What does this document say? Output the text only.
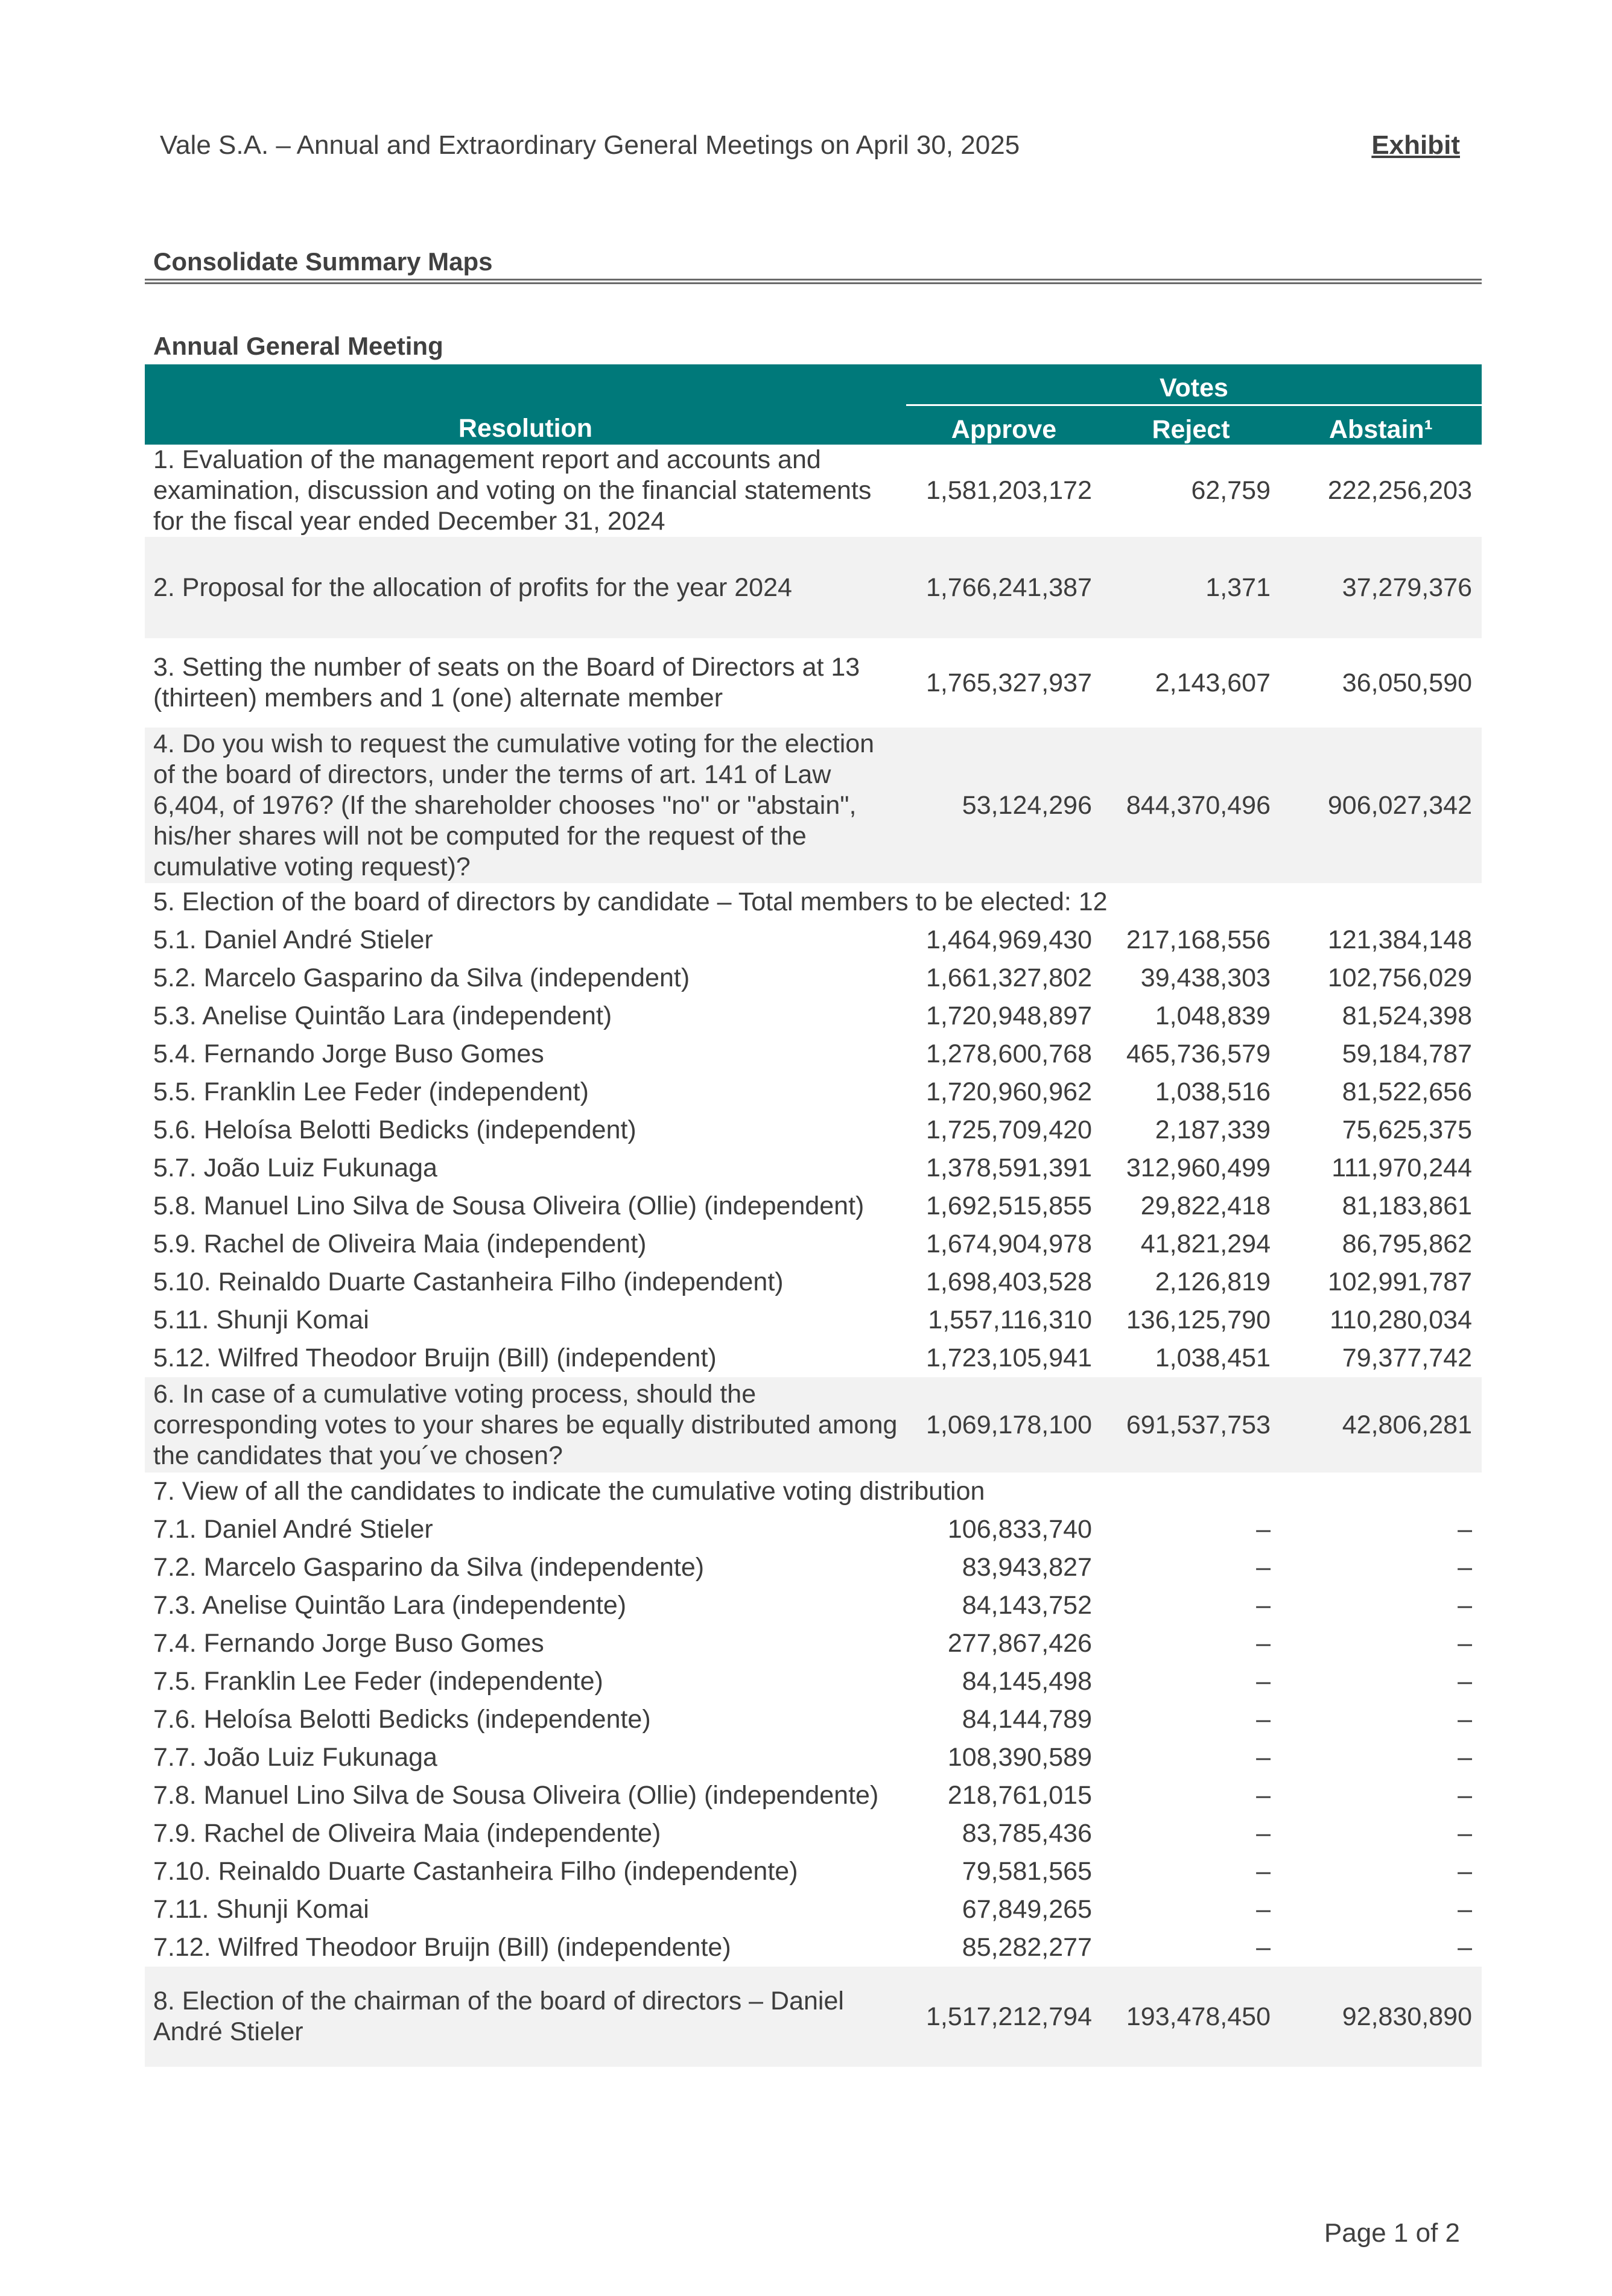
Vale S.A. – Annual and Extraordinary General Meetings on April 30, 2025	Exhibit
Consolidate Summary Maps
Annual General Meeting
Resolution	Votes		
	Approve	Reject	Abstain¹
1. Evaluation of the management report and accounts and examination, discussion and voting on the financial statements for the fiscal year ended December 31, 2024	1,581,203,172	62,759	222,256,203
2. Proposal for the allocation of profits for the year 2024	1,766,241,387	1,371	37,279,376
3. Setting the number of seats on the Board of Directors at 13 (thirteen) members and 1 (one) alternate member	1,765,327,937	2,143,607	36,050,590
4. Do you wish to request the cumulative voting for the election of the board of directors, under the terms of art. 141 of Law 6,404, of 1976? (If the shareholder chooses "no" or "abstain", his/her shares will not be computed for the request of the cumulative voting request)?	53,124,296	844,370,496	906,027,342
5. Election of the board of directors by candidate – Total members to be elected: 12			
5.1. Daniel André Stieler	1,464,969,430	217,168,556	121,384,148
5.2. Marcelo Gasparino da Silva (independent)	1,661,327,802	39,438,303	102,756,029
5.3. Anelise Quintão Lara (independent)	1,720,948,897	1,048,839	81,524,398
5.4. Fernando Jorge Buso Gomes	1,278,600,768	465,736,579	59,184,787
5.5. Franklin Lee Feder (independent)	1,720,960,962	1,038,516	81,522,656
5.6. Heloísa Belotti Bedicks (independent)	1,725,709,420	2,187,339	75,625,375
5.7. João Luiz Fukunaga	1,378,591,391	312,960,499	111,970,244
5.8. Manuel Lino Silva de Sousa Oliveira (Ollie) (independent)	1,692,515,855	29,822,418	81,183,861
5.9. Rachel de Oliveira Maia (independent)	1,674,904,978	41,821,294	86,795,862
5.10. Reinaldo Duarte Castanheira Filho (independent)	1,698,403,528	2,126,819	102,991,787
5.11. Shunji Komai	1,557,116,310	136,125,790	110,280,034
5.12. Wilfred Theodoor Bruijn (Bill) (independent)	1,723,105,941	1,038,451	79,377,742
6. In case of a cumulative voting process, should the corresponding votes to your shares be equally distributed among the candidates that you´ve chosen?	1,069,178,100	691,537,753	42,806,281
7. View of all the candidates to indicate the cumulative voting distribution			
7.1. Daniel André Stieler	106,833,740	–	–
7.2. Marcelo Gasparino da Silva (independente)	83,943,827	–	–
7.3. Anelise Quintão Lara (independente)	84,143,752	–	–
7.4. Fernando Jorge Buso Gomes	277,867,426	–	–
7.5. Franklin Lee Feder (independente)	84,145,498	–	–
7.6. Heloísa Belotti Bedicks (independente)	84,144,789	–	–
7.7. João Luiz Fukunaga	108,390,589	–	–
7.8. Manuel Lino Silva de Sousa Oliveira (Ollie) (independente)	218,761,015	–	–
7.9. Rachel de Oliveira Maia (independente)	83,785,436	–	–
7.10. Reinaldo Duarte Castanheira Filho (independente)	79,581,565	–	–
7.11. Shunji Komai	67,849,265	–	–
7.12. Wilfred Theodoor Bruijn (Bill) (independente)	85,282,277	–	–
8. Election of the chairman of the board of directors – Daniel André Stieler	1,517,212,794	193,478,450	92,830,890
Page 1 of 2
